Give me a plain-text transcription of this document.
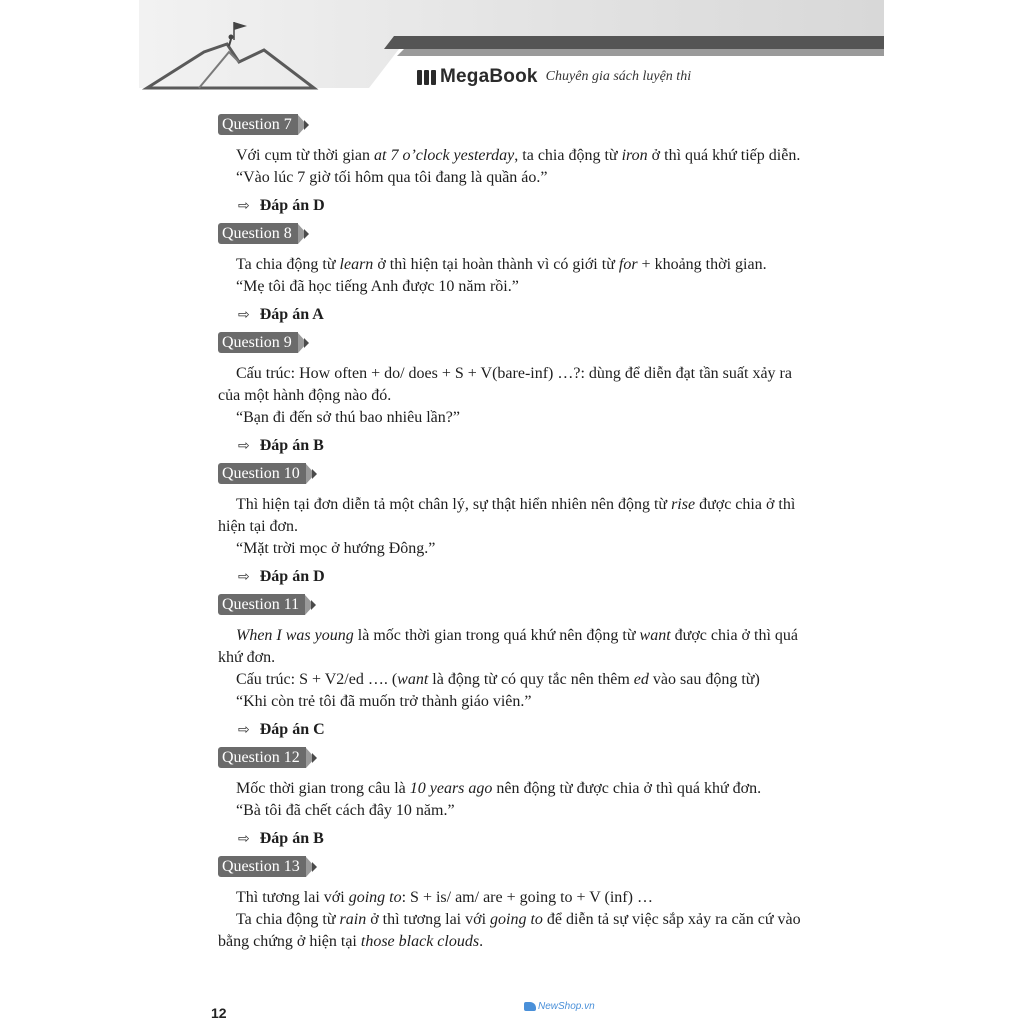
MegaBook Chuyên gia sách luyện thi
Question 7

Với cụm từ thời gian at 7 o’clock yesterday, ta chia động từ iron ở thì quá khứ tiếp diễn.

“Vào lúc 7 giờ tối hôm qua tôi đang là quần áo.”

⇨ Đáp án D
Question 8

Ta chia động từ learn ở thì hiện tại hoàn thành vì có giới từ for + khoảng thời gian.

“Mẹ tôi đã học tiếng Anh được 10 năm rồi.”

⇨ Đáp án A
Question 9

Cấu trúc: How often + do/ does + S + V(bare-inf) …?: dùng để diễn đạt tần suất xảy ra của một hành động nào đó.

“Bạn đi đến sở thú bao nhiêu lần?”

⇨ Đáp án B
Question 10

Thì hiện tại đơn diễn tả một chân lý, sự thật hiển nhiên nên động từ rise được chia ở thì hiện tại đơn.

“Mặt trời mọc ở hướng Đông.”

⇨ Đáp án D
Question 11

When I was young là mốc thời gian trong quá khứ nên động từ want được chia ở thì quá khứ đơn.

Cấu trúc: S + V2/ed …. (want là động từ có quy tắc nên thêm ed vào sau động từ)

“Khi còn trẻ tôi đã muốn trở thành giáo viên.”

⇨ Đáp án C
Question 12

Mốc thời gian trong câu là 10 years ago nên động từ được chia ở thì quá khứ đơn.

“Bà tôi đã chết cách đây 10 năm.”

⇨ Đáp án B
Question 13

Thì tương lai với going to: S + is/ am/ are + going to + V (inf) …

Ta chia động từ rain ở thì tương lai với going to để diễn tả sự việc sắp xảy ra căn cứ vào bằng chứng ở hiện tại those black clouds.

12	NewShop.vn
